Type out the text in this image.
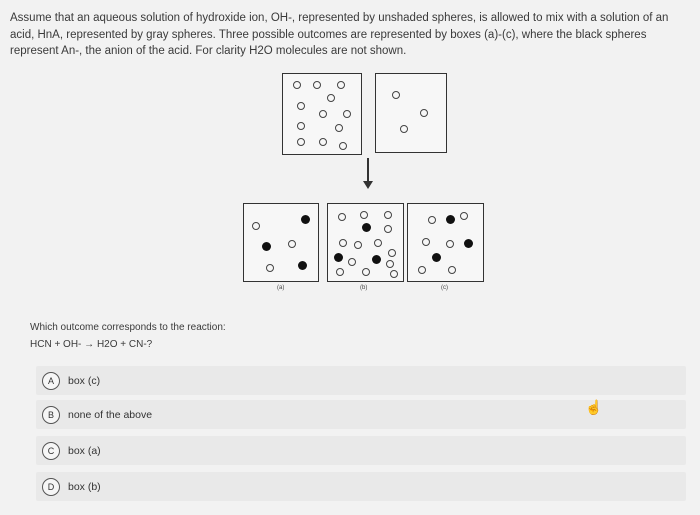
Assume that an aqueous solution of hydroxide ion, OH-, represented by unshaded spheres, is allowed to mix with a solution of an acid, HnA, represented by gray spheres. Three possible outcomes are represented by boxes (a)-(c), where the black spheres represent An-, the anion of the acid. For clarity H2O molecules are not shown.
(a)	(b)	(c)
Which outcome corresponds to the reaction:
HCN + OH- → H2O + CN-?
A	box (c)
B	none of the above
C	box (a)
D	box (b)
☝
